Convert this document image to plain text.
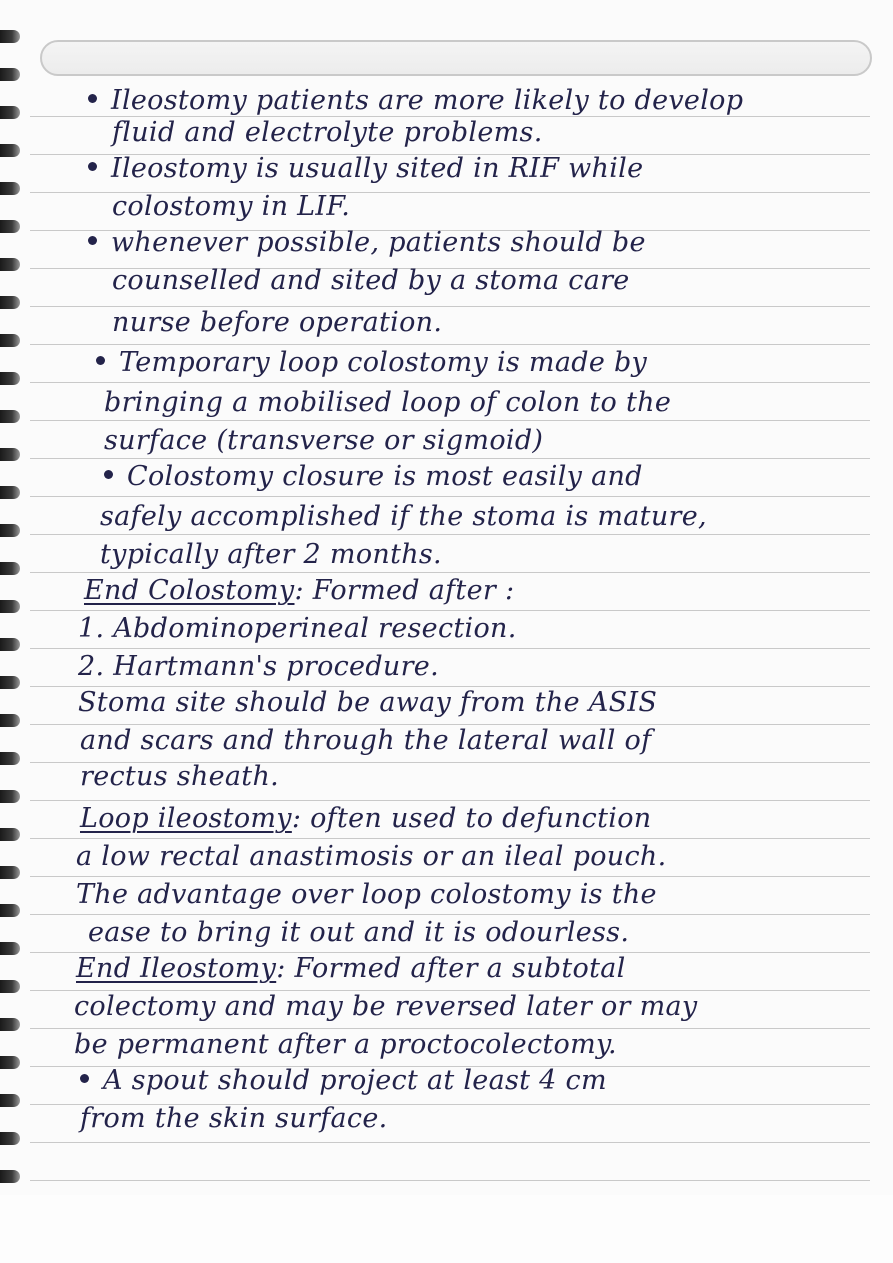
Ileostomy patients are more likely to develop
fluid and electrolyte problems.
Ileostomy is usually sited in RIF while
colostomy in LIF.
whenever possible, patients should be
counselled and sited by a stoma care
nurse before operation.
Temporary loop colostomy is made by
bringing a mobilised loop of colon to the
surface (transverse or sigmoid)
Colostomy closure is most easily and
safely accomplished if the stoma is mature,
typically after 2 months.
End Colostomy: Formed after :
1. Abdominoperineal resection.
2. Hartmann's procedure.
Stoma site should be away from the ASIS
and scars and through the lateral wall of
rectus sheath.
Loop ileostomy: often used to defunction
a low rectal anastimosis or an ileal pouch.
The advantage over loop colostomy is the
ease to bring it out and it is odourless.
End Ileostomy: Formed after a subtotal
colectomy and may be reversed later or may
be permanent after a proctocolectomy.
A spout should project at least 4 cm
from the skin surface.
